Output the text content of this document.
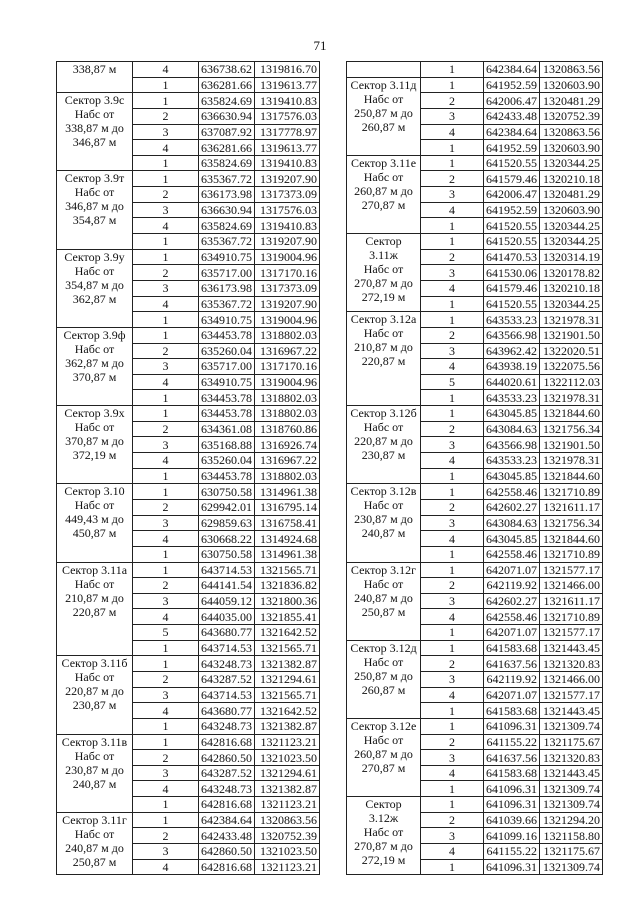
71
338,87 м	4	636738.62	1319816.70
	1	636281.66	1319613.77

Сектор 3.9с
Набс от
338,87 м до
346,87 м	1	635824.69	1319410.83
	2	636630.94	1317576.03
	3	637087.92	1317778.97
	4	636281.66	1319613.77
	1	635824.69	1319410.83

Сектор 3.9т
Набс от
346,87 м до
354,87 м	1	635367.72	1319207.90
	2	636173.98	1317373.09
	3	636630.94	1317576.03
	4	635824.69	1319410.83
	1	635367.72	1319207.90

Сектор 3.9у
Набс от
354,87 м до
362,87 м	1	634910.75	1319004.96
	2	635717.00	1317170.16
	3	636173.98	1317373.09
	4	635367.72	1319207.90
	1	634910.75	1319004.96

Сектор 3.9ф
Набс от
362,87 м до
370,87 м	1	634453.78	1318802.03
	2	635260.04	1316967.22
	3	635717.00	1317170.16
	4	634910.75	1319004.96
	1	634453.78	1318802.03

Сектор 3.9х
Набс от
370,87 м до
372,19 м	1	634453.78	1318802.03
	2	634361.08	1318760.86
	3	635168.88	1316926.74
	4	635260.04	1316967.22
	1	634453.78	1318802.03

Сектор 3.10
Набс от
449,43 м до
450,87 м	1	630750.58	1314961.38
	2	629942.01	1316795.14
	3	629859.63	1316758.41
	4	630668.22	1314924.68
	1	630750.58	1314961.38

Сектор 3.11а
Набс от
210,87 м до
220,87 м	1	643714.53	1321565.71
	2	644141.54	1321836.82
	3	644059.12	1321800.36
	4	644035.00	1321855.41
	5	643680.77	1321642.52
	1	643714.53	1321565.71

Сектор 3.11б
Набс от
220,87 м до
230,87 м	1	643248.73	1321382.87
	2	643287.52	1321294.61
	3	643714.53	1321565.71
	4	643680.77	1321642.52
	1	643248.73	1321382.87

Сектор 3.11в
Набс от
230,87 м до
240,87 м	1	642816.68	1321123.21
	2	642860.50	1321023.50
	3	643287.52	1321294.61
	4	643248.73	1321382.87
	1	642816.68	1321123.21

Сектор 3.11г
Набс от
240,87 м до
250,87 м	1	642384.64	1320863.56
	2	642433.48	1320752.39
	3	642860.50	1321023.50
	4	642816.68	1321123.21
	1	642384.64	1320863.56

Сектор 3.11д
Набс от
250,87 м до
260,87 м	1	641952.59	1320603.90
	2	642006.47	1320481.29
	3	642433.48	1320752.39
	4	642384.64	1320863.56
	1	641952.59	1320603.90

Сектор 3.11е
Набс от
260,87 м до
270,87 м	1	641520.55	1320344.25
	2	641579.46	1320210.18
	3	642006.47	1320481.29
	4	641952.59	1320603.90
	1	641520.55	1320344.25

Сектор
3.11ж
Набс от
270,87 м до
272,19 м	1	641520.55	1320344.25
	2	641470.53	1320314.19
	3	641530.06	1320178.82
	4	641579.46	1320210.18
	1	641520.55	1320344.25

Сектор 3.12а
Набс от
210,87 м до
220,87 м	1	643533.23	1321978.31
	2	643566.98	1321901.50
	3	643962.42	1322020.51
	4	643938.19	1322075.56
	5	644020.61	1322112.03
	1	643533.23	1321978.31

Сектор 3.12б
Набс от
220,87 м до
230,87 м	1	643045.85	1321844.60
	2	643084.63	1321756.34
	3	643566.98	1321901.50
	4	643533.23	1321978.31
	1	643045.85	1321844.60

Сектор 3.12в
Набс от
230,87 м до
240,87 м	1	642558.46	1321710.89
	2	642602.27	1321611.17
	3	643084.63	1321756.34
	4	643045.85	1321844.60
	1	642558.46	1321710.89

Сектор 3.12г
Набс от
240,87 м до
250,87 м	1	642071.07	1321577.17
	2	642119.92	1321466.00
	3	642602.27	1321611.17
	4	642558.46	1321710.89
	1	642071.07	1321577.17

Сектор 3.12д
Набс от
250,87 м до
260,87 м	1	641583.68	1321443.45
	2	641637.56	1321320.83
	3	642119.92	1321466.00
	4	642071.07	1321577.17
	1	641583.68	1321443.45

Сектор 3.12е
Набс от
260,87 м до
270,87 м	1	641096.31	1321309.74
	2	641155.22	1321175.67
	3	641637.56	1321320.83
	4	641583.68	1321443.45
	1	641096.31	1321309.74

Сектор
3.12ж
Набс от
270,87 м до
272,19 м	1	641096.31	1321309.74
	2	641039.66	1321294.20
	3	641099.16	1321158.80
	4	641155.22	1321175.67
	1	641096.31	1321309.74
